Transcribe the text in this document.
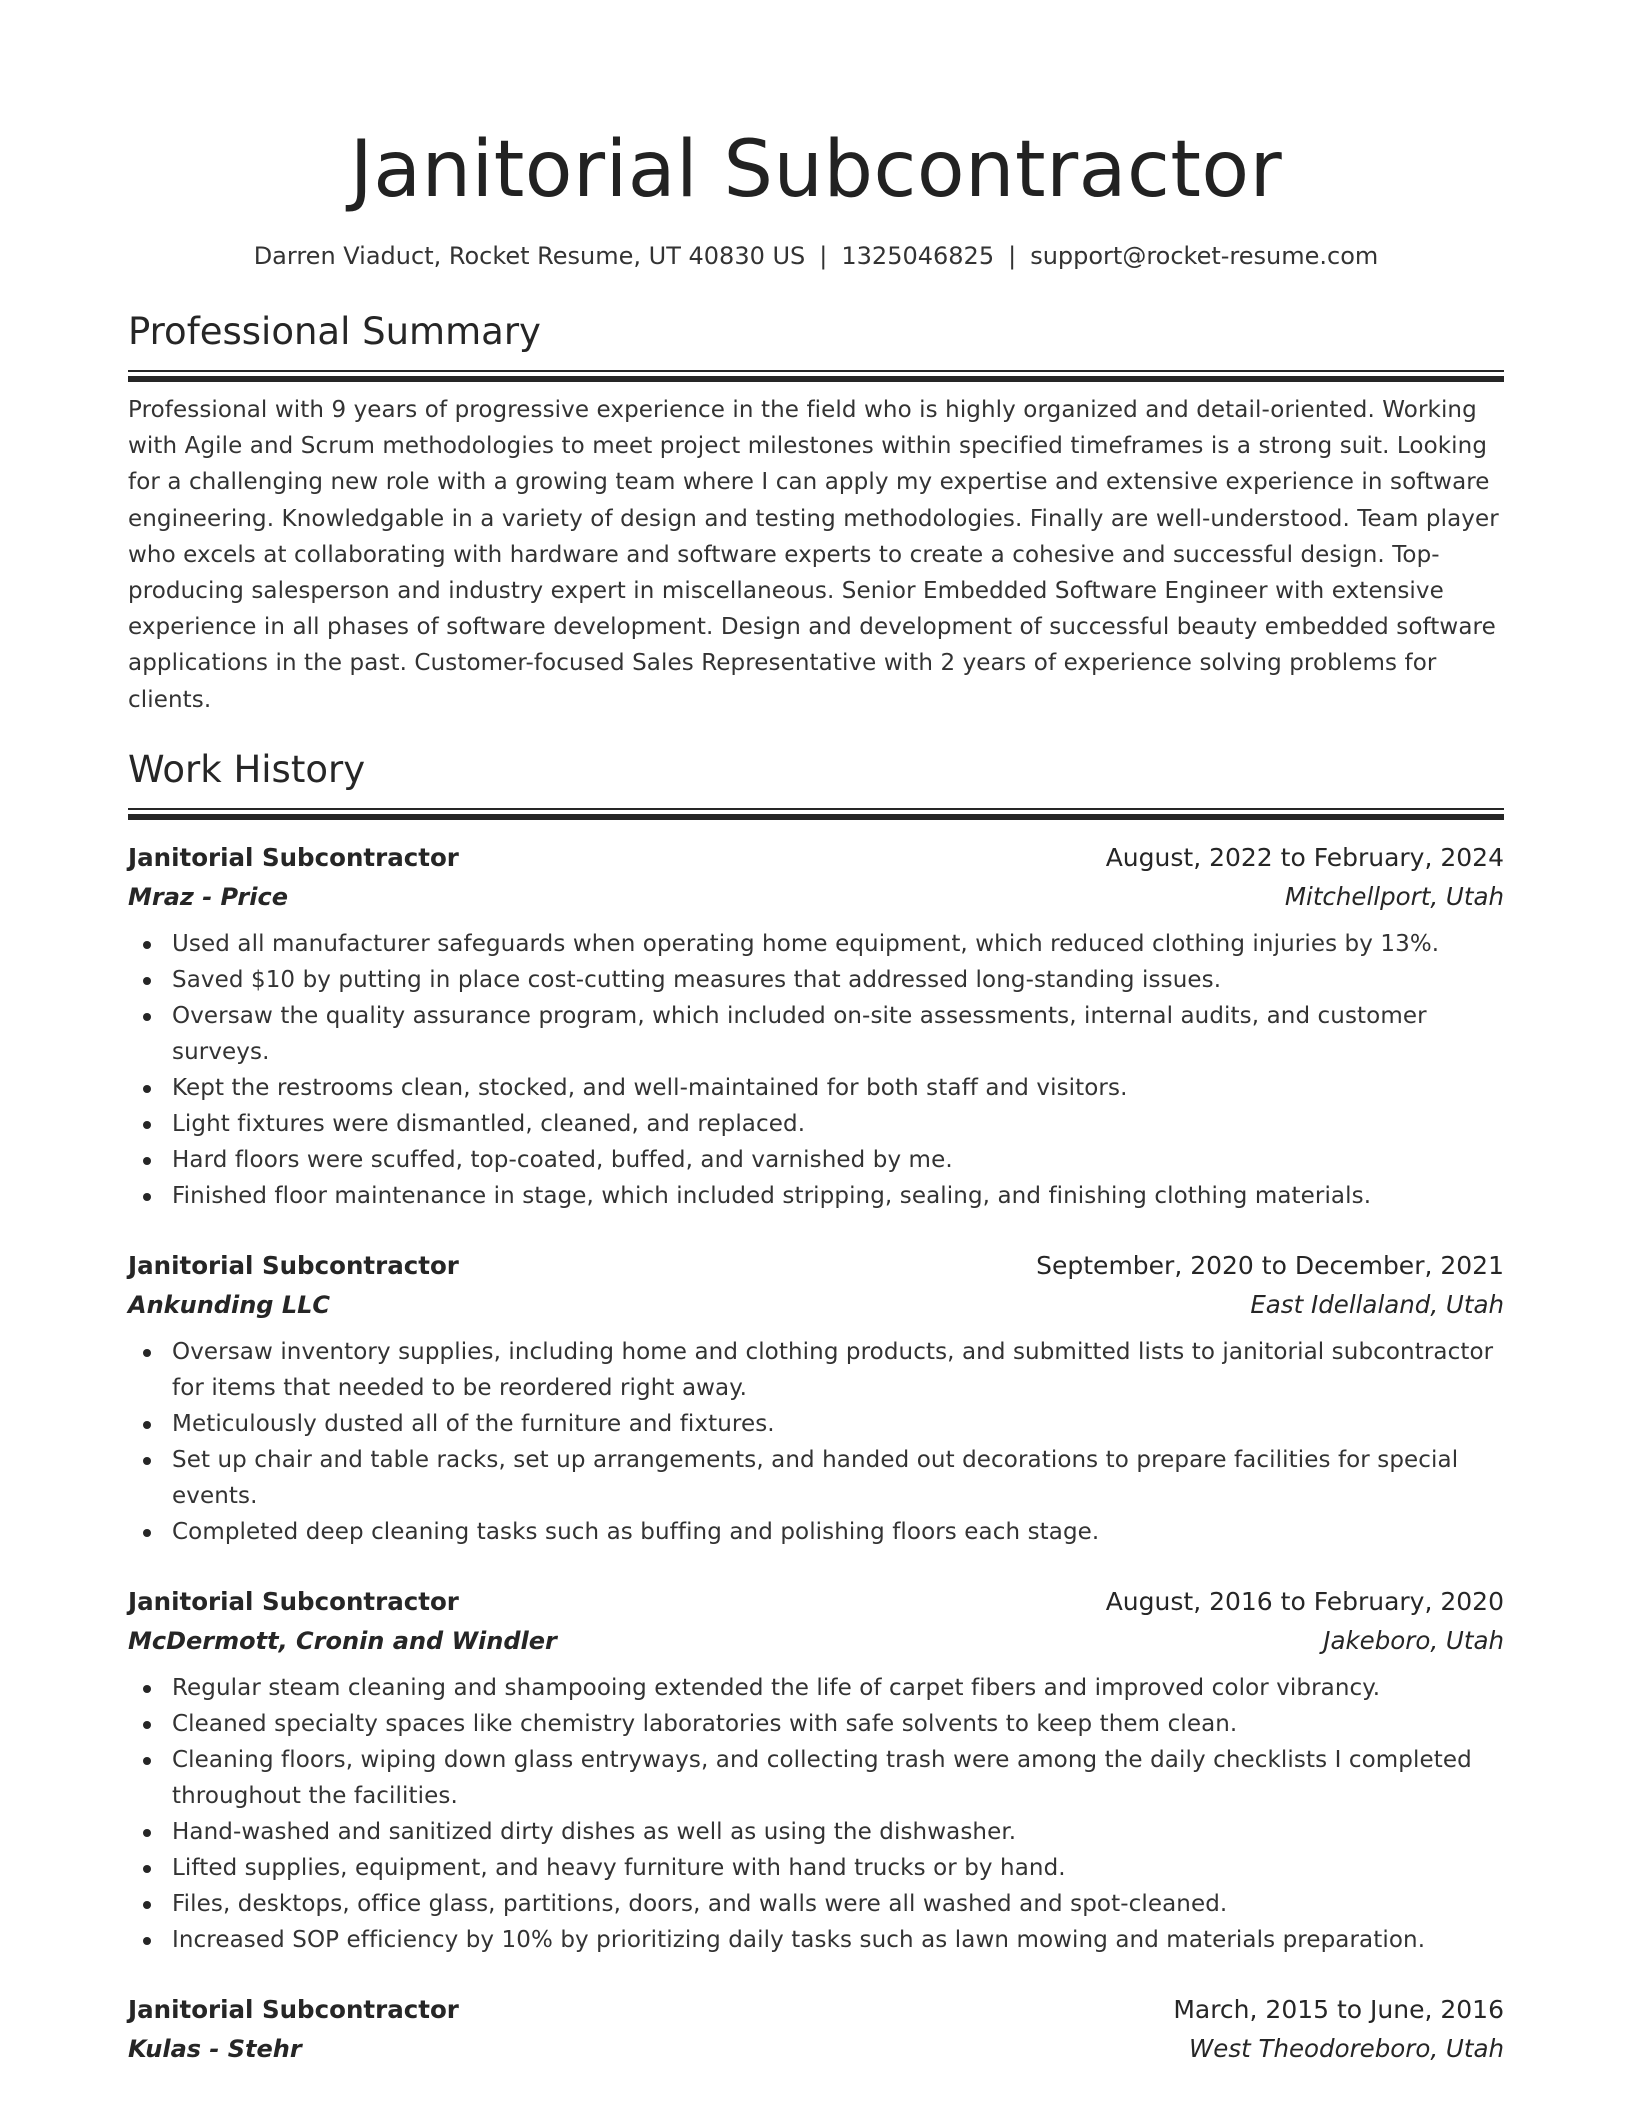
Janitorial Subcontractor
Darren Viaduct, Rocket Resume, UT 40830 US | 1325046825 | support@rocket-resume.com
Professional Summary
Professional with 9 years of progressive experience in the field who is highly organized and detail-oriented. Working with Agile and Scrum methodologies to meet project milestones within specified timeframes is a strong suit. Looking for a challenging new role with a growing team where I can apply my expertise and extensive experience in software engineering. Knowledgable in a variety of design and testing methodologies. Finally are well-understood. Team player who excels at collaborating with hardware and software experts to create a cohesive and successful design. Top-producing salesperson and industry expert in miscellaneous. Senior Embedded Software Engineer with extensive experience in all phases of software development. Design and development of successful beauty embedded software applications in the past. Customer-focused Sales Representative with 2 years of experience solving problems for clients.
Work History
Janitorial Subcontractor	August, 2022 to February, 2024
Mraz - Price	Mitchellport, Utah
Used all manufacturer safeguards when operating home equipment, which reduced clothing injuries by 13%.
Saved $10 by putting in place cost-cutting measures that addressed long-standing issues.
Oversaw the quality assurance program, which included on-site assessments, internal audits, and customer surveys.
Kept the restrooms clean, stocked, and well-maintained for both staff and visitors.
Light fixtures were dismantled, cleaned, and replaced.
Hard floors were scuffed, top-coated, buffed, and varnished by me.
Finished floor maintenance in stage, which included stripping, sealing, and finishing clothing materials.
Janitorial Subcontractor	September, 2020 to December, 2021
Ankunding LLC	East Idellaland, Utah
Oversaw inventory supplies, including home and clothing products, and submitted lists to janitorial subcontractor for items that needed to be reordered right away.
Meticulously dusted all of the furniture and fixtures.
Set up chair and table racks, set up arrangements, and handed out decorations to prepare facilities for special events.
Completed deep cleaning tasks such as buffing and polishing floors each stage.
Janitorial Subcontractor	August, 2016 to February, 2020
McDermott, Cronin and Windler	Jakeboro, Utah
Regular steam cleaning and shampooing extended the life of carpet fibers and improved color vibrancy.
Cleaned specialty spaces like chemistry laboratories with safe solvents to keep them clean.
Cleaning floors, wiping down glass entryways, and collecting trash were among the daily checklists I completed throughout the facilities.
Hand-washed and sanitized dirty dishes as well as using the dishwasher.
Lifted supplies, equipment, and heavy furniture with hand trucks or by hand.
Files, desktops, office glass, partitions, doors, and walls were all washed and spot-cleaned.
Increased SOP efficiency by 10% by prioritizing daily tasks such as lawn mowing and materials preparation.
Janitorial Subcontractor	March, 2015 to June, 2016
Kulas - Stehr	West Theodoreboro, Utah
